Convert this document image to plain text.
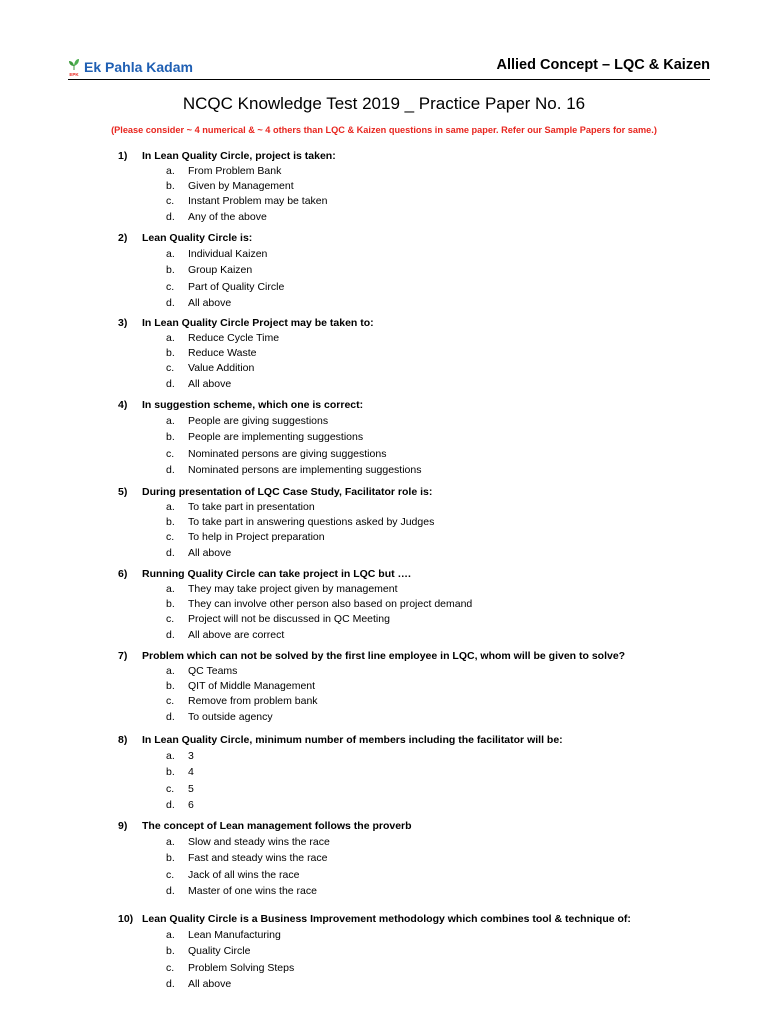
EPK Ek Pahla Kadam	Allied Concept – LQC & Kaizen
NCQC Knowledge Test 2019 _ Practice Paper No. 16
(Please consider ~ 4 numerical & ~ 4 others than LQC & Kaizen questions in same paper. Refer our Sample Papers for same.)
1)	In Lean Quality Circle, project is taken:
a.	From Problem Bank
b.	Given by Management
c.	Instant Problem may be taken
d.	Any of the above
2)	Lean Quality Circle is:
a.	Individual Kaizen
b.	Group Kaizen
c.	Part of Quality Circle
d.	All above
3)	In Lean Quality Circle Project may be taken to:
a.	Reduce Cycle Time
b.	Reduce Waste
c.	Value Addition
d.	All above
4)	In suggestion scheme, which one is correct:
a.	People are giving suggestions
b.	People are implementing suggestions
c.	Nominated persons are giving suggestions
d.	Nominated persons are implementing suggestions
5)	During presentation of LQC Case Study, Facilitator role is:
a.	To take part in presentation
b.	To take part in answering questions asked by Judges
c.	To help in Project preparation
d.	All above
6)	Running Quality Circle can take project in LQC but ….
a.	They may take project given by management
b.	They can involve other person also based on project demand
c.	Project will not be discussed in QC Meeting
d.	All above are correct
7)	Problem which can not be solved by the first line employee in LQC, whom will be given to solve?
a.	QC Teams
b.	QIT of Middle Management
c.	Remove from problem bank
d.	To outside agency
8)	In Lean Quality Circle, minimum number of members including the facilitator will be:
a.	3
b.	4
c.	5
d.	6
9)	The concept of Lean management follows the proverb
a.	Slow and steady wins the race
b.	Fast and steady wins the race
c.	Jack of all wins the race
d.	Master of one wins the race
10) Lean Quality Circle is a Business Improvement methodology which combines tool & technique of:
a.	Lean Manufacturing
b.	Quality Circle
c.	Problem Solving Steps
d.	All above
